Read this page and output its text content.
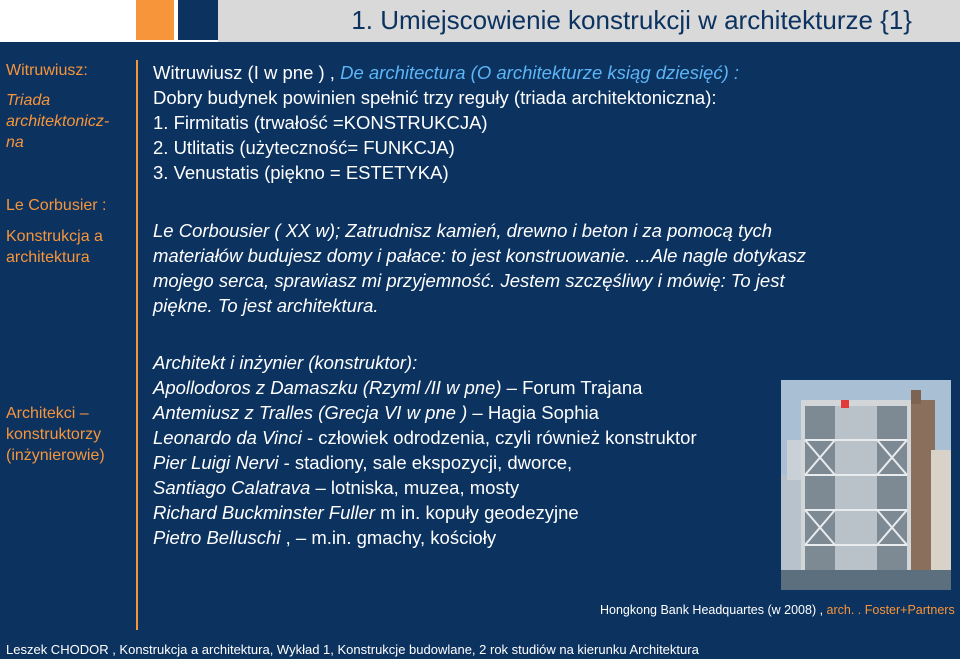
1. Umiejscowienie konstrukcji w architekturze {1}
Witruwiusz:
Triada
architektonicz-
na
Le Corbusier :
Konstrukcja a
architektura
Architekci –
konstruktorzy
(inżynierowie)
Witruwiusz (I w pne ) , De architectura (O architekturze ksiąg dziesięć) :
Dobry budynek powinien spełnić trzy reguły (triada architektoniczna):
1. Firmitatis (trwałość =KONSTRUKCJA)
2. Utlitatis (użyteczność= FUNKCJA)
3. Venustatis (piękno = ESTETYKA)
Le Corbousier ( XX w); Zatrudnisz kamień, drewno i beton i za pomocą tych
materiałów budujesz domy i pałace: to jest konstruowanie. ...Ale nagle dotykasz
mojego serca, sprawiasz mi przyjemność. Jestem szczęśliwy i mówię: To jest
piękne. To jest architektura.
Architekt i inżynier (konstruktor):
Apollodoros z Damaszku (Rzyml /II w pne) – Forum Trajana
Antemiusz z Tralles (Grecja VI w pne ) – Hagia Sophia
Leonardo da Vinci - człowiek odrodzenia, czyli również konstruktor
Pier Luigi Nervi - stadiony, sale ekspozycji, dworce,
Santiago Calatrava – lotniska, muzea, mosty
Richard Buckminster Fuller m in. kopuły geodezyjne
Pietro Belluschi , – m.in. gmachy, kościoły
Hongkong Bank Headquartes (w 2008) , arch. . Foster+Partners
Leszek CHODOR , Konstrukcja a architektura, Wykład 1, Konstrukcje budowlane, 2 rok studiów na kierunku Architektura
